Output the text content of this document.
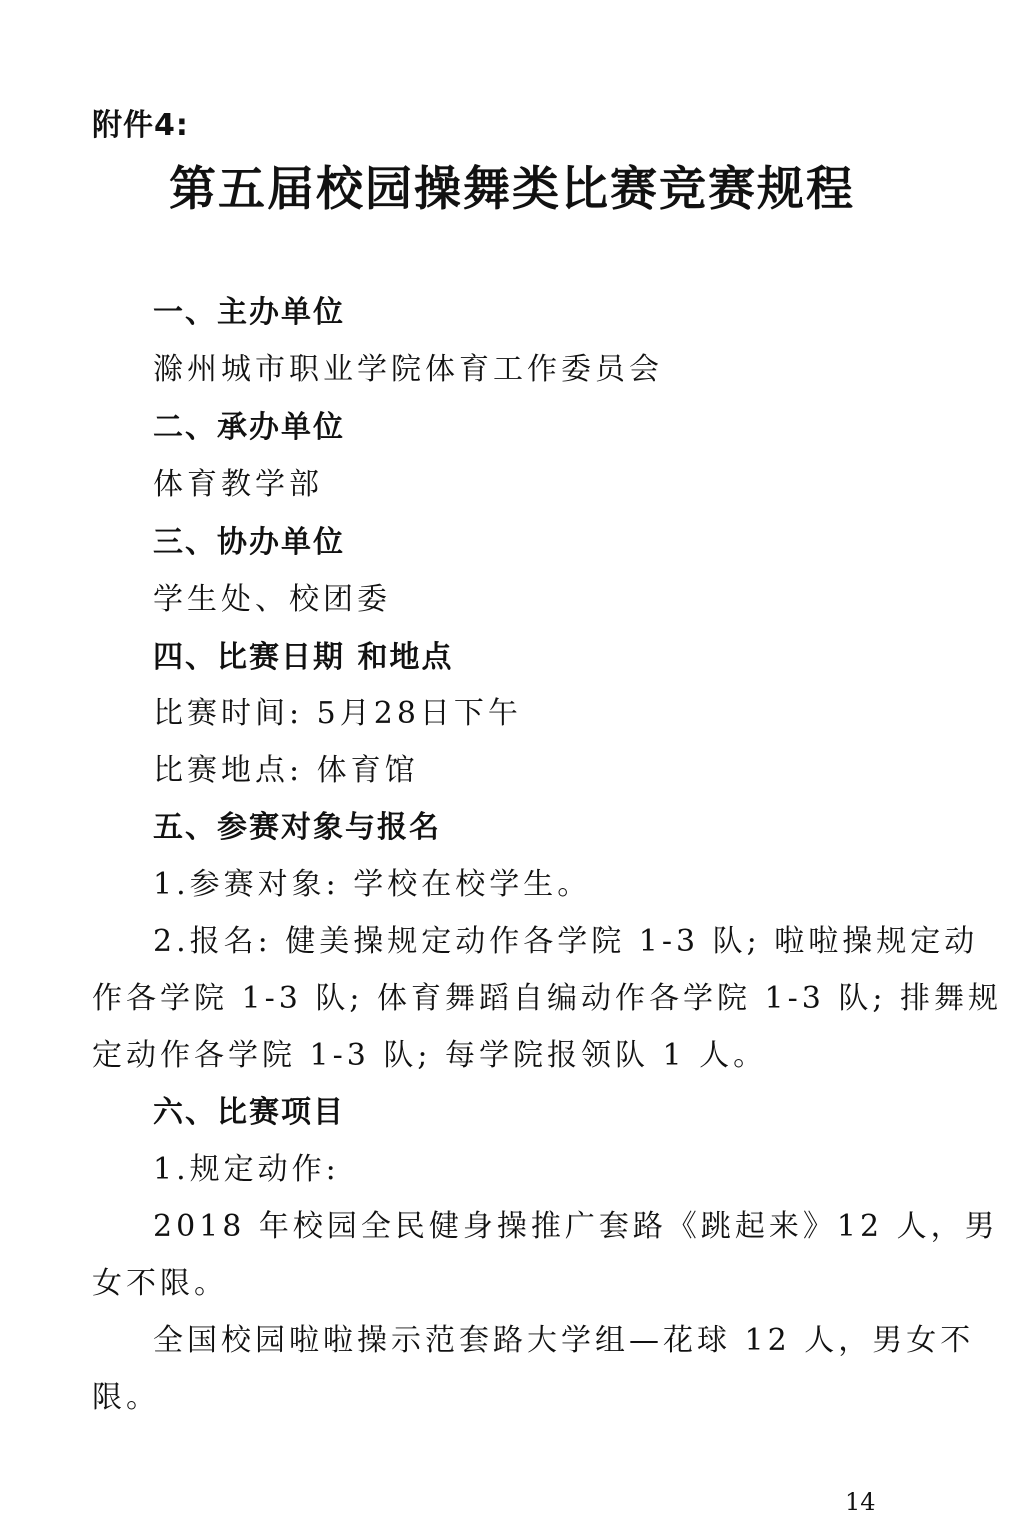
附件4:
第五届校园操舞类比赛竞赛规程
一、主办单位
滁州城市职业学院体育工作委员会
二、承办单位
体育教学部
三、协办单位
学生处、校团委
四、比赛日期 和地点
比赛时间: 5月28日下午
比赛地点: 体育馆
五、参赛对象与报名
1.参赛对象: 学校在校学生。
2.报名: 健美操规定动作各学院 1-3 队; 啦啦操规定动
作各学院 1-3 队; 体育舞蹈自编动作各学院 1-3 队; 排舞规
定动作各学院 1-3 队; 每学院报领队 1 人。
六、比赛项目
1.规定动作:
2018 年校园全民健身操推广套路《跳起来》12 人，男
女不限。
全国校园啦啦操示范套路大学组—花球 12 人，男女不
限。
14
